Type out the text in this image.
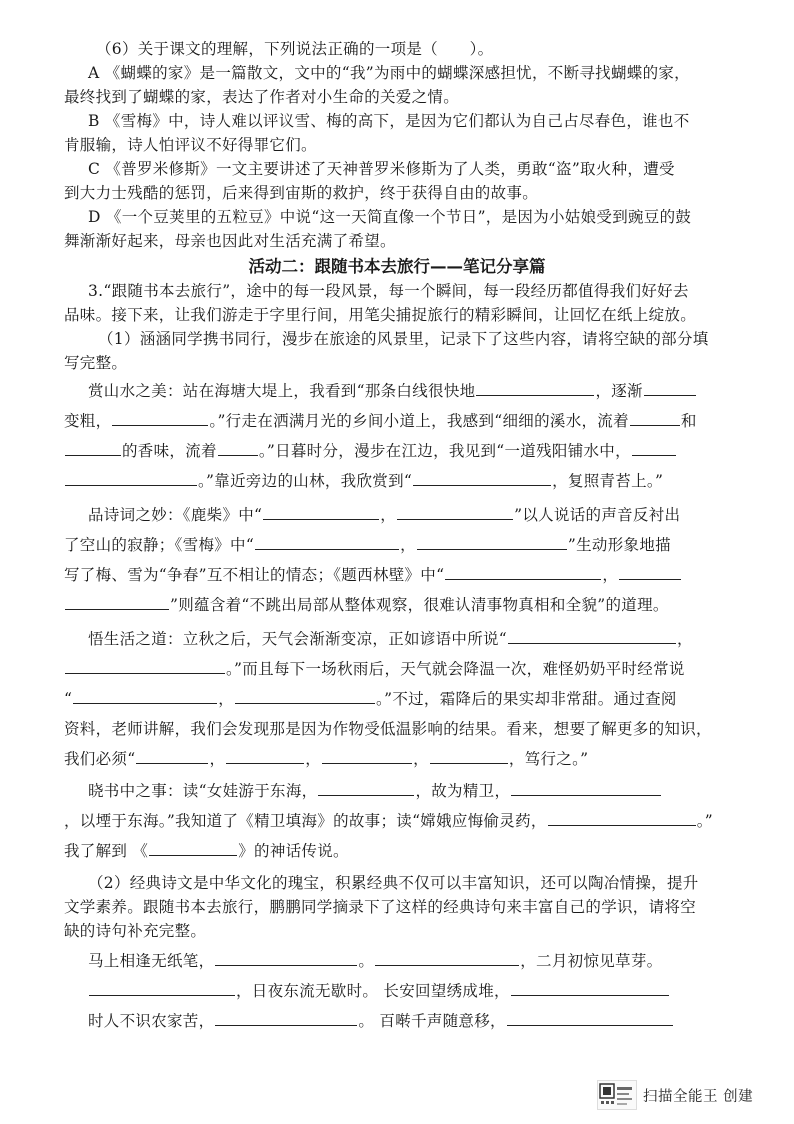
（6）关于课文的理解，下列说法正确的一项是（　　）。
A 《蝴蝶的家》是一篇散文，文中的“我”为雨中的蝴蝶深感担忧，不断寻找蝴蝶的家，
最终找到了蝴蝶的家，表达了作者对小生命的关爱之情。
B 《雪梅》中，诗人难以评议雪、梅的高下，是因为它们都认为自己占尽春色，谁也不
肯服输，诗人怕评议不好得罪它们。
C 《普罗米修斯》一文主要讲述了天神普罗米修斯为了人类，勇敢“盗”取火种，遭受
到大力士残酷的惩罚，后来得到宙斯的救护，终于获得自由的故事。
D 《一个豆荚里的五粒豆》中说“这一天简直像一个节日”，是因为小姑娘受到豌豆的鼓
舞渐渐好起来，母亲也因此对生活充满了希望。
活动二：跟随书本去旅行——笔记分享篇
3.“跟随书本去旅行”，途中的每一段风景，每一个瞬间，每一段经历都值得我们好好去
品味。接下来，让我们游走于字里行间，用笔尖捕捉旅行的精彩瞬间，让回忆在纸上绽放。
（1）涵涵同学携书同行，漫步在旅途的风景里，记录下了这些内容，请将空缺的部分填
写完整。
赏山水之美：站在海塘大堤上，我看到“那条白线很快地	，逐渐
变粗，	。”行走在洒满月光的乡间小道上，我感到“细细的溪水，流着	和
的香味，流着	。”日暮时分，漫步在江边，我见到“一道残阳铺水中，
。”靠近旁边的山林，我欣赏到“	，复照青苔上。”
品诗词之妙：《鹿柴》中“	，	”以人说话的声音反衬出
了空山的寂静；《雪梅》中“	，	”生动形象地描
写了梅、雪为“争春”互不相让的情态；《题西林壁》中“	，
”则蕴含着“不跳出局部从整体观察，很难认清事物真相和全貌”的道理。
悟生活之道：立秋之后，天气会渐渐变凉，正如谚语中所说“	，
。”而且每下一场秋雨后，天气就会降温一次，难怪奶奶平时经常说
“	，	。”不过，霜降后的果实却非常甜。通过查阅
资料，老师讲解，我们会发现那是因为作物受低温影响的结果。看来，想要了解更多的知识，
我们必须“	，	，	，	，笃行之。”
晓书中之事：读“女娃游于东海，	，故为精卫，
，以堙于东海。”我知道了《精卫填海》的故事；读“嫦娥应悔偷灵药，	。”
我了解到 《	》的神话传说。
（2）经典诗文是中华文化的瑰宝，积累经典不仅可以丰富知识，还可以陶冶情操，提升
文学素养。跟随书本去旅行，鹏鹏同学摘录下了这样的经典诗句来丰富自己的学识，请将空
缺的诗句补充完整。
马上相逢无纸笔，	。	，二月初惊见草芽。
，日夜东流无歇时。 长安回望绣成堆，
时人不识农家苦，	。 百啭千声随意移，
扫描全能王 创建
